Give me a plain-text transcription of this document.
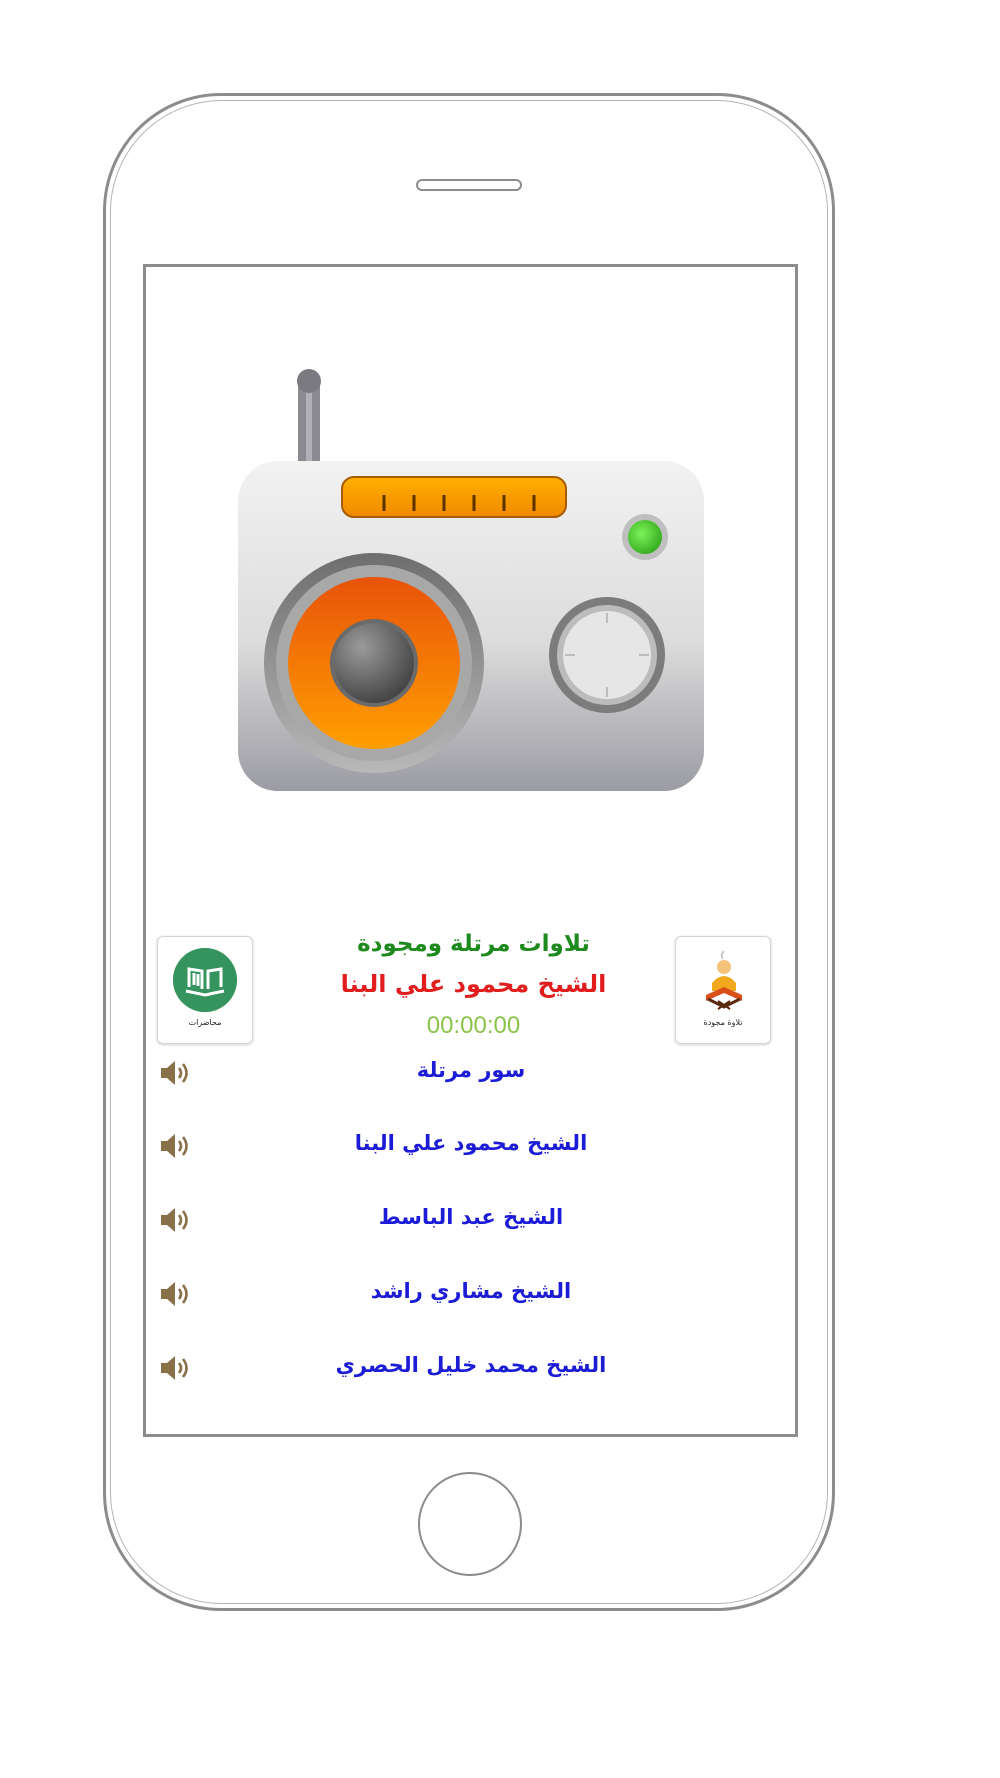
محاضرات	تلاوة مجودة
تلاوات مرتلة ومجودة
الشيخ محمود علي البنا
00:00:00
سور مرتلة
الشيخ محمود علي البنا
الشيخ عبد الباسط
الشيخ مشاري راشد
الشيخ محمد خليل الحصري
